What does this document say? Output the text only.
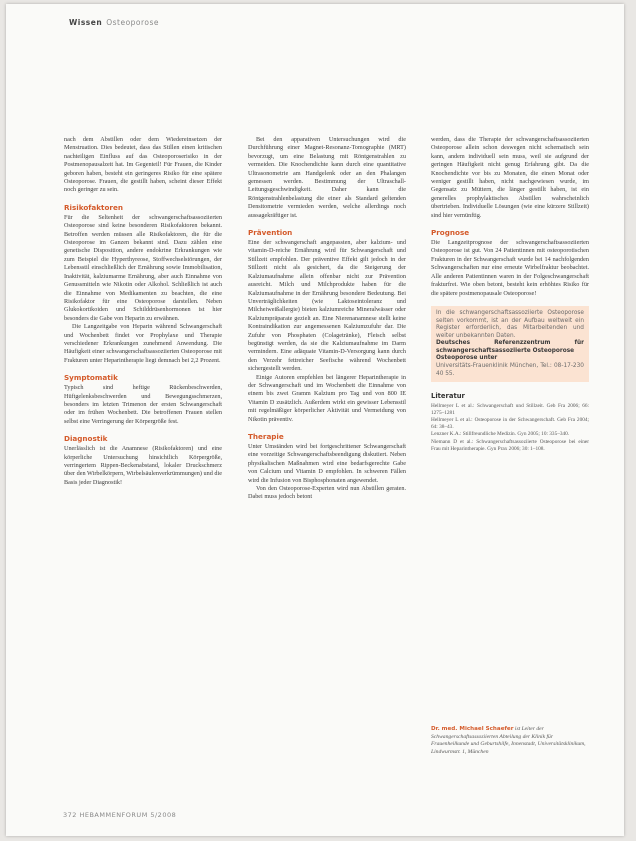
Wissen Osteoporose

nach dem Abstillen oder dem Wiedereinsetzen der Menstruation. Dies bedeutet, dass das Stillen einen kritischen nachteiligen Einfluss auf das Osteoporoserisiko in der Postmenopausalzeit hat. Im Gegenteil! Für Frauen, die Kinder geboren haben, besteht ein geringeres Risiko für eine spätere Osteoporose. Frauen, die gestillt haben, scheint dieser Effekt noch geringer zu sein.

Risikofaktoren

Für die Seltenheit der schwangerschaftsassoziierten Osteoporose sind keine besonderen Risikofaktoren bekannt. Betroffen werden müssen alle Risikofaktoren, die für die Osteoporose im Ganzen bekannt sind. Dazu zählen eine genetische Disposition, andere endokrine Erkrankungen wie zum Beispiel die Hyperthyreose, Stoffwechselstörungen, der Lebensstil einschließlich der Ernährung sowie Immobilisation, Inaktivität, kalziumarme Ernährung, aber auch Einnahme von Genussmitteln wie Nikotin oder Alkohol. Schließlich ist auch die Einnahme von Medikamenten zu beachten, die eine Risikofaktor für eine Osteoporose darstellen. Neben Glukokortikoiden und Schilddrüsenhormonen ist hier besonders die Gabe von Heparin zu erwähnen.

Die Langzeitgabe von Heparin während Schwangerschaft und Wochenbett findet vor Prophylaxe und Therapie verschiedener Erkrankungen zunehmend Anwendung. Die Häufigkeit einer schwangerschaftsassoziierten Osteoporose mit Frakturen unter Heparintherapie liegt demnach bei 2,2 Prozent.

Symptomatik

Typisch sind heftige Rückenbeschwerden, Hüftgelenksbeschwerden und Bewegungsschmerzen, besonders im letzten Trimenon der ersten Schwangerschaft oder im frühen Wochenbett. Die betroffenen Frauen stellen selbst eine Verringerung der Körpergröße fest.

Diagnostik

Unerlässlich ist die Anamnese (Risikofaktoren) und eine körperliche Untersuchung hinsichtlich Körpergröße, verringertem Rippen-Beckenabstand, lokaler Druckschmerz über den Wirbelkörpern, Wirbelsäulenverkrümmungen) und die Basis jeder Diagnostik!

Bei den apparativen Untersuchungen wird die Durchführung einer Magnet-Resonanz-Tomographie (MRT) bevorzugt, um eine Belastung mit Röntgenstrahlen zu vermeiden. Die Knochendichte kann durch eine quantitative Ultrasonometrie am Handgelenk oder an den Phalangen gemessen werden. Bestimmung der Ultraschall-Leitungsgeschwindigkeit. Daher kann die Röntgenstrahlenbelastung die einer als Standard geltenden Densitometrie vermieden werden, welche allerdings noch aussagekräftiger ist.

Prävention

Eine der schwangerschaft angepassten, aber kalzium- und vitamin-D-reiche Ernährung wird für Schwangerschaft und Stillzeit empfohlen. Der präventive Effekt gilt jedoch in der Stillzeit nicht als gesichert, da die Steigerung der Kalziumaufnahme allein offenbar nicht zur Prävention ausreicht. Milch und Milchprodukte haben für die Kalziumaufnahme in der Ernährung besondere Bedeutung. Bei Unverträglichkeiten (wie Laktoseintoleranz und Milcheiweißallergie) bieten kalziumreiche Mineralwässer oder Kalziumpräparate gezielt an. Eine Nierenanamnese stellt keine Kontraindikation zur angemessenen Kalziumzufuhr dar. Die Zufuhr von Phosphaten (Colagetränke), Fleisch selbst begünstigt werden, da sie die Kalziumaufnahme im Darm vermindern. Eine adäquate Vitamin-D-Versorgung kann durch den Verzehr fettreicher Seefische während Wochenbett sichergestellt werden.

Einige Autoren empfehlen bei längerer Heparintherapie in der Schwangerschaft und im Wochenbett die Einnahme von einem bis zwei Gramm Kalzium pro Tag und von 800 IE Vitamin D zusätzlich. Außerdem wirkt ein gewisser Lebensstil mit regelmäßiger körperlicher Aktivität und Vermeidung von Nikotin präventiv.

Therapie

Unter Umständen wird bei fortgeschrittener Schwangerschaft eine vorzeitige Schwangerschaftsbeendigung diskutiert. Neben physikalischen Maßnahmen wird eine bedarfsgerechte Gabe von Calcium und Vitamin D empfohlen. In schweren Fällen wird die Infusion von Bisphosphonaten angewendet.

Von den Osteoporose-Experten wird nun Abstillen geraten. Dabei muss jedoch betont

werden, dass die Therapie der schwangerschaftsassoziierten Osteoporose allein schon deswegen nicht schematisch sein kann, andem individuell sein muss, weil sie aufgrund der geringen Häufigkeit nicht genug Erfahrung gibt. Da die Knochendichte vor bis zu Monaten, die einen Monat oder weniger gestillt haben, nicht nachgewiesen wurde, im Gegensatz zu Müttern, die länger gestillt haben, ist ein generelles prophylaktisches Abstillen wahrscheinlich übertrieben. Individuelle Lösungen (wie eine kürzere Stillzeit) sind hier vernünftig.

Prognose

Die Langzeitprognose der schwangerschaftsassoziierten Osteoporose ist gut. Von 24 Patientinnen mit osteoporotischen Frakturen in der Schwangerschaft wurde bei 14 nachfolgenden Schwangerschaften nur eine erneute Wirbelfraktur beobachtet. Alle anderen Patientinnen waren in der Folgeschwangerschaft frakturfrei. Wie oben betont, besteht kein erhöhtes Risiko für die spätere postmenopausale Osteoporose!

In die schwangerschaftsassoziierte Osteoporose selten vorkommt, ist an der Aufbau weltweit ein Register erforderlich, das Mitarbeitenden und weiter unbekannten Daten.
Deutsches Referenzzentrum für schwangerschaftsassoziierte Osteoporose
Osteoporose unter
Universitäts-Frauenklinik München, Tel.: 08-17-230 40 55.
Literatur

Hellmeyer L et al.: Schwangerschaft und Stillzeit. Geb Fra 2006; 66: 1275–1281

Hellmeyer L et al.: Osteoporose in der Schwangerschaft. Geb Fra 2004; 64: 38–43.

Lenzner K.A.: Stillfreundliche Medizin. Gyn 2005; 10: 335–340.

Niemann D et al.: Schwangerschaftsassoziierte Osteoporose bei einer Frau mit Heparintherapie. Gyn Prax 2006; 30: 1–108.

Dr. med. Michael Schaefer ist Leiter der Schwangerschaftsassoziierten Abteilung der Klinik für Frauenheilkunde und Geburtshilfe, Innenstadt, Universitätsklinikum, Lindwurmstr. 1, München
372 HEBAMMENFORUM 5/2008
